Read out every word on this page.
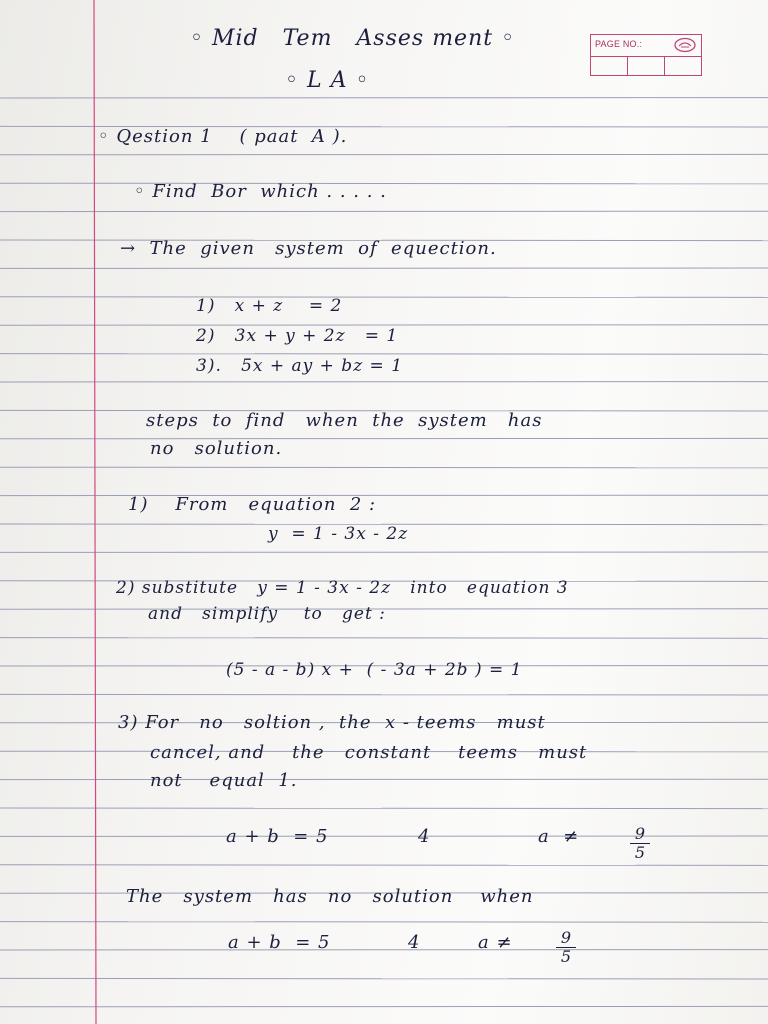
PAGE NO.:
◦ Mid   Tem   Asses ment ◦
◦ L A ◦
◦ Qestion 1    ( paat  A ).
◦ Find  Bor  which . . . . .
→  The  given   system  of  equection.
1)   x + z    = 2
2)   3x + y + 2z   = 1
3).   5x + ay + bz = 1
steps  to  find   when  the  system   has
no   solution.
1)    From   equation  2 :
y  = 1 - 3x - 2z
2) substitute   y = 1 - 3x - 2z   into   equation 3
and   simplify    to   get :
(5 - a - b) x +  ( - 3a + 2b ) = 1
3) For   no   soltion ,  the  x - teems   must
cancel, and    the   constant    teems   must
not    equal  1.
a + b  = 5	4	a  ≠	9
5
The   system   has   no   solution    when
a + b  = 5	4	a ≠	9
5
